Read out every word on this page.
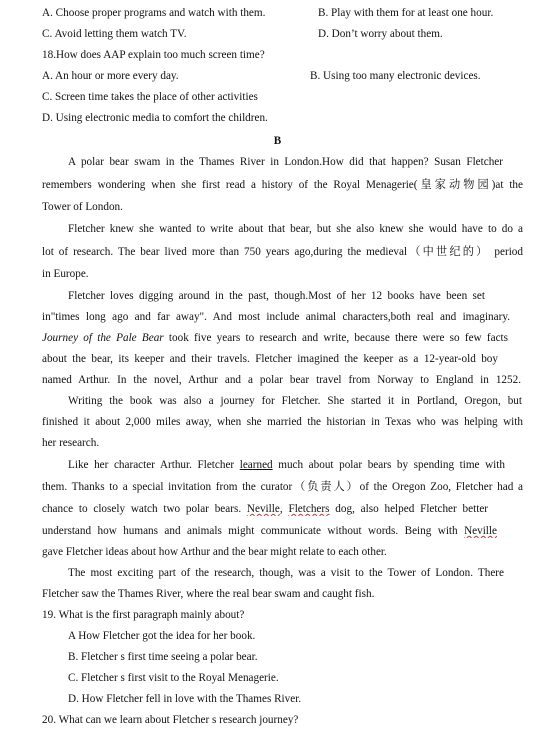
A. Choose proper programs and watch with them.	B. Play with them for at least one hour.
C. Avoid letting them watch TV.	D. Don’t worry about them.
18.How does AAP explain too much screen time?
A. An hour or more every day.	B. Using too many electronic devices.
C. Screen time takes the place of other activities
D. Using electronic media to comfort the children.
B
A polar bear swam in the Thames River in London.How did that happen? Susan Fletcher
remembers wondering when she first read a history of the Royal Menagerie(皇家动物园)at the
Tower of London.
Fletcher knew she wanted to write about that bear, but she also knew she would have to do a
lot of research. The bear lived more than 750 years ago,during the medieval（中世纪的） period
in Europe.
Fletcher loves digging around in the past, though.Most of her 12 books have been set
in"times long ago and far away". And most include animal characters,both real and imaginary.
Journey of the Pale Bear took five years to research and write, because there were so few facts
about the bear, its keeper and their travels. Fletcher imagined the keeper as a 12-year-old boy
named Arthur. In the novel, Arthur and a polar bear travel from Norway to England in 1252.
Writing the book was also a journey for Fletcher. She started it in Portland, Oregon, but
finished it about 2,000 miles away, when she married the historian in Texas who was helping with
her research.
Like her character Arthur. Fletcher learned much about polar bears by spending time with
them. Thanks to a special invitation from the curator（负责人）of the Oregon Zoo, Fletcher had a
chance to closely watch two polar bears. Neville, Fletchers dog, also helped Fletcher better
understand how humans and animals might communicate without words. Being with Neville
gave Fletcher ideas about how Arthur and the bear might relate to each other.
The most exciting part of the research, though, was a visit to the Tower of London. There
Fletcher saw the Thames River, where the real bear swam and caught fish.
19. What is the first paragraph mainly about?
A How Fletcher got the idea for her book.
B. Fletcher s first time seeing a polar bear.
C. Fletcher s first visit to the Royal Menagerie.
D. How Fletcher fell in love with the Thames River.
20. What can we learn about Fletcher s research journey?
